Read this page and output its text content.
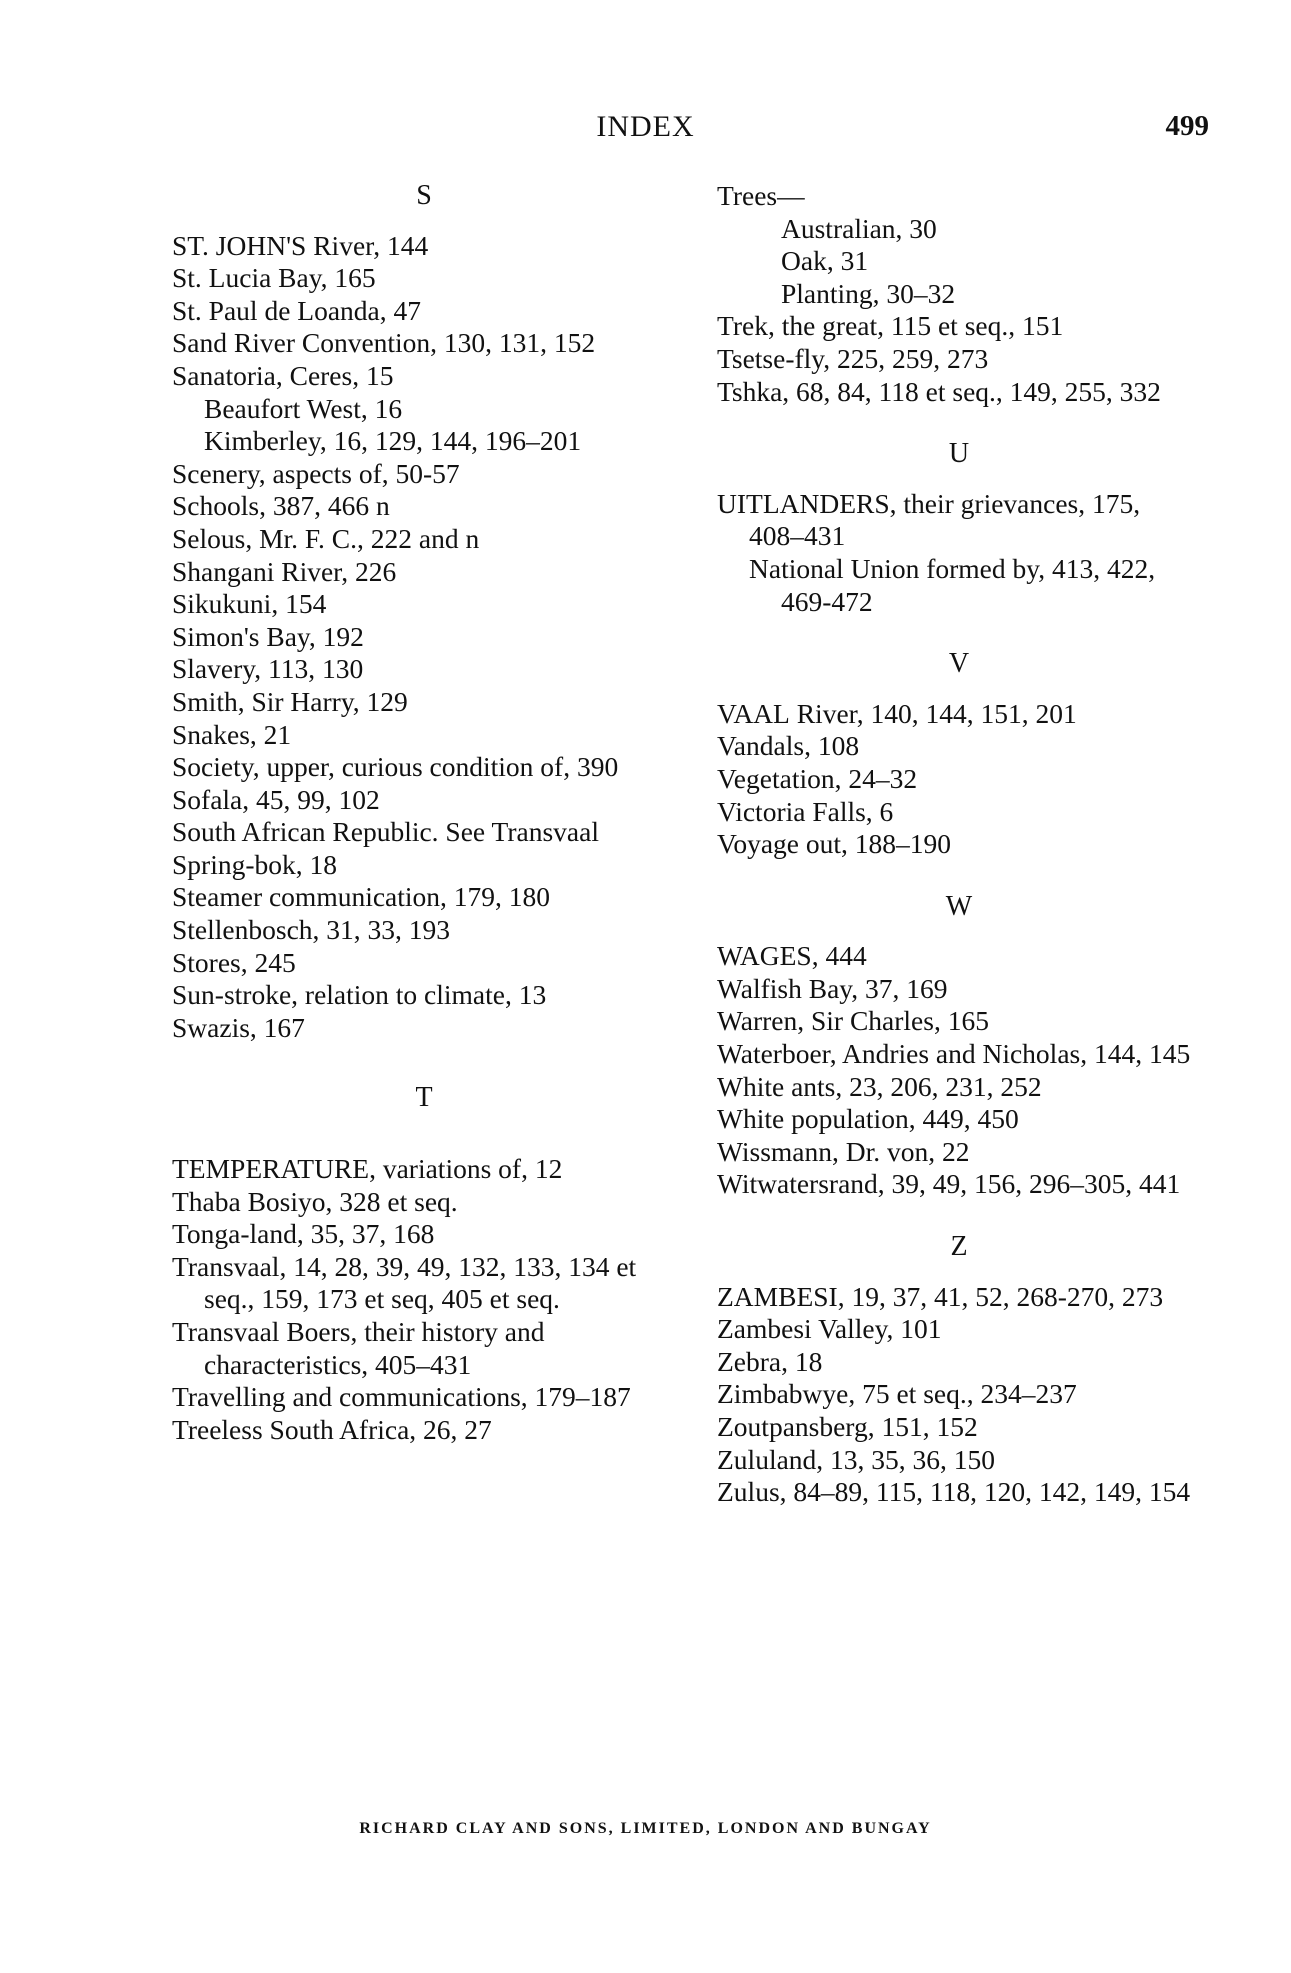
INDEX	499
S
ST. JOHN'S River, 144
St. Lucia Bay, 165
St. Paul de Loanda, 47
Sand River Convention, 130, 131, 152
Sanatoria, Ceres, 15
Beaufort West, 16
Kimberley, 16, 129, 144, 196–201
Scenery, aspects of, 50-57
Schools, 387, 466 n
Selous, Mr. F. C., 222 and n
Shangani River, 226
Sikukuni, 154
Simon's Bay, 192
Slavery, 113, 130
Smith, Sir Harry, 129
Snakes, 21
Society, upper, curious condition of, 390
Sofala, 45, 99, 102
South African Republic. See Transvaal
Spring-bok, 18
Steamer communication, 179, 180
Stellenbosch, 31, 33, 193
Stores, 245
Sun-stroke, relation to climate, 13
Swazis, 167
T
TEMPERATURE, variations of, 12
Thaba Bosiyo, 328 et seq.
Tonga-land, 35, 37, 168
Transvaal, 14, 28, 39, 49, 132, 133, 134 et seq., 159, 173 et seq, 405 et seq.
Transvaal Boers, their history and characteristics, 405–431
Travelling and communications, 179–187
Treeless South Africa, 26, 27
Trees—
Australian, 30
Oak, 31
Planting, 30–32
Trek, the great, 115 et seq., 151
Tsetse-fly, 225, 259, 273
Tshka, 68, 84, 118 et seq., 149, 255, 332
U
UITLANDERS, their grievances, 175, 408–431
National Union formed by, 413, 422, 469-472
V
VAAL River, 140, 144, 151, 201
Vandals, 108
Vegetation, 24–32
Victoria Falls, 6
Voyage out, 188–190
W
WAGES, 444
Walfish Bay, 37, 169
Warren, Sir Charles, 165
Waterboer, Andries and Nicholas, 144, 145
White ants, 23, 206, 231, 252
White population, 449, 450
Wissmann, Dr. von, 22
Witwatersrand, 39, 49, 156, 296–305, 441
Z
ZAMBESI, 19, 37, 41, 52, 268-270, 273
Zambesi Valley, 101
Zebra, 18
Zimbabwye, 75 et seq., 234–237
Zoutpansberg, 151, 152
Zululand, 13, 35, 36, 150
Zulus, 84–89, 115, 118, 120, 142, 149, 154
RICHARD CLAY AND SONS, LIMITED, LONDON AND BUNGAY
